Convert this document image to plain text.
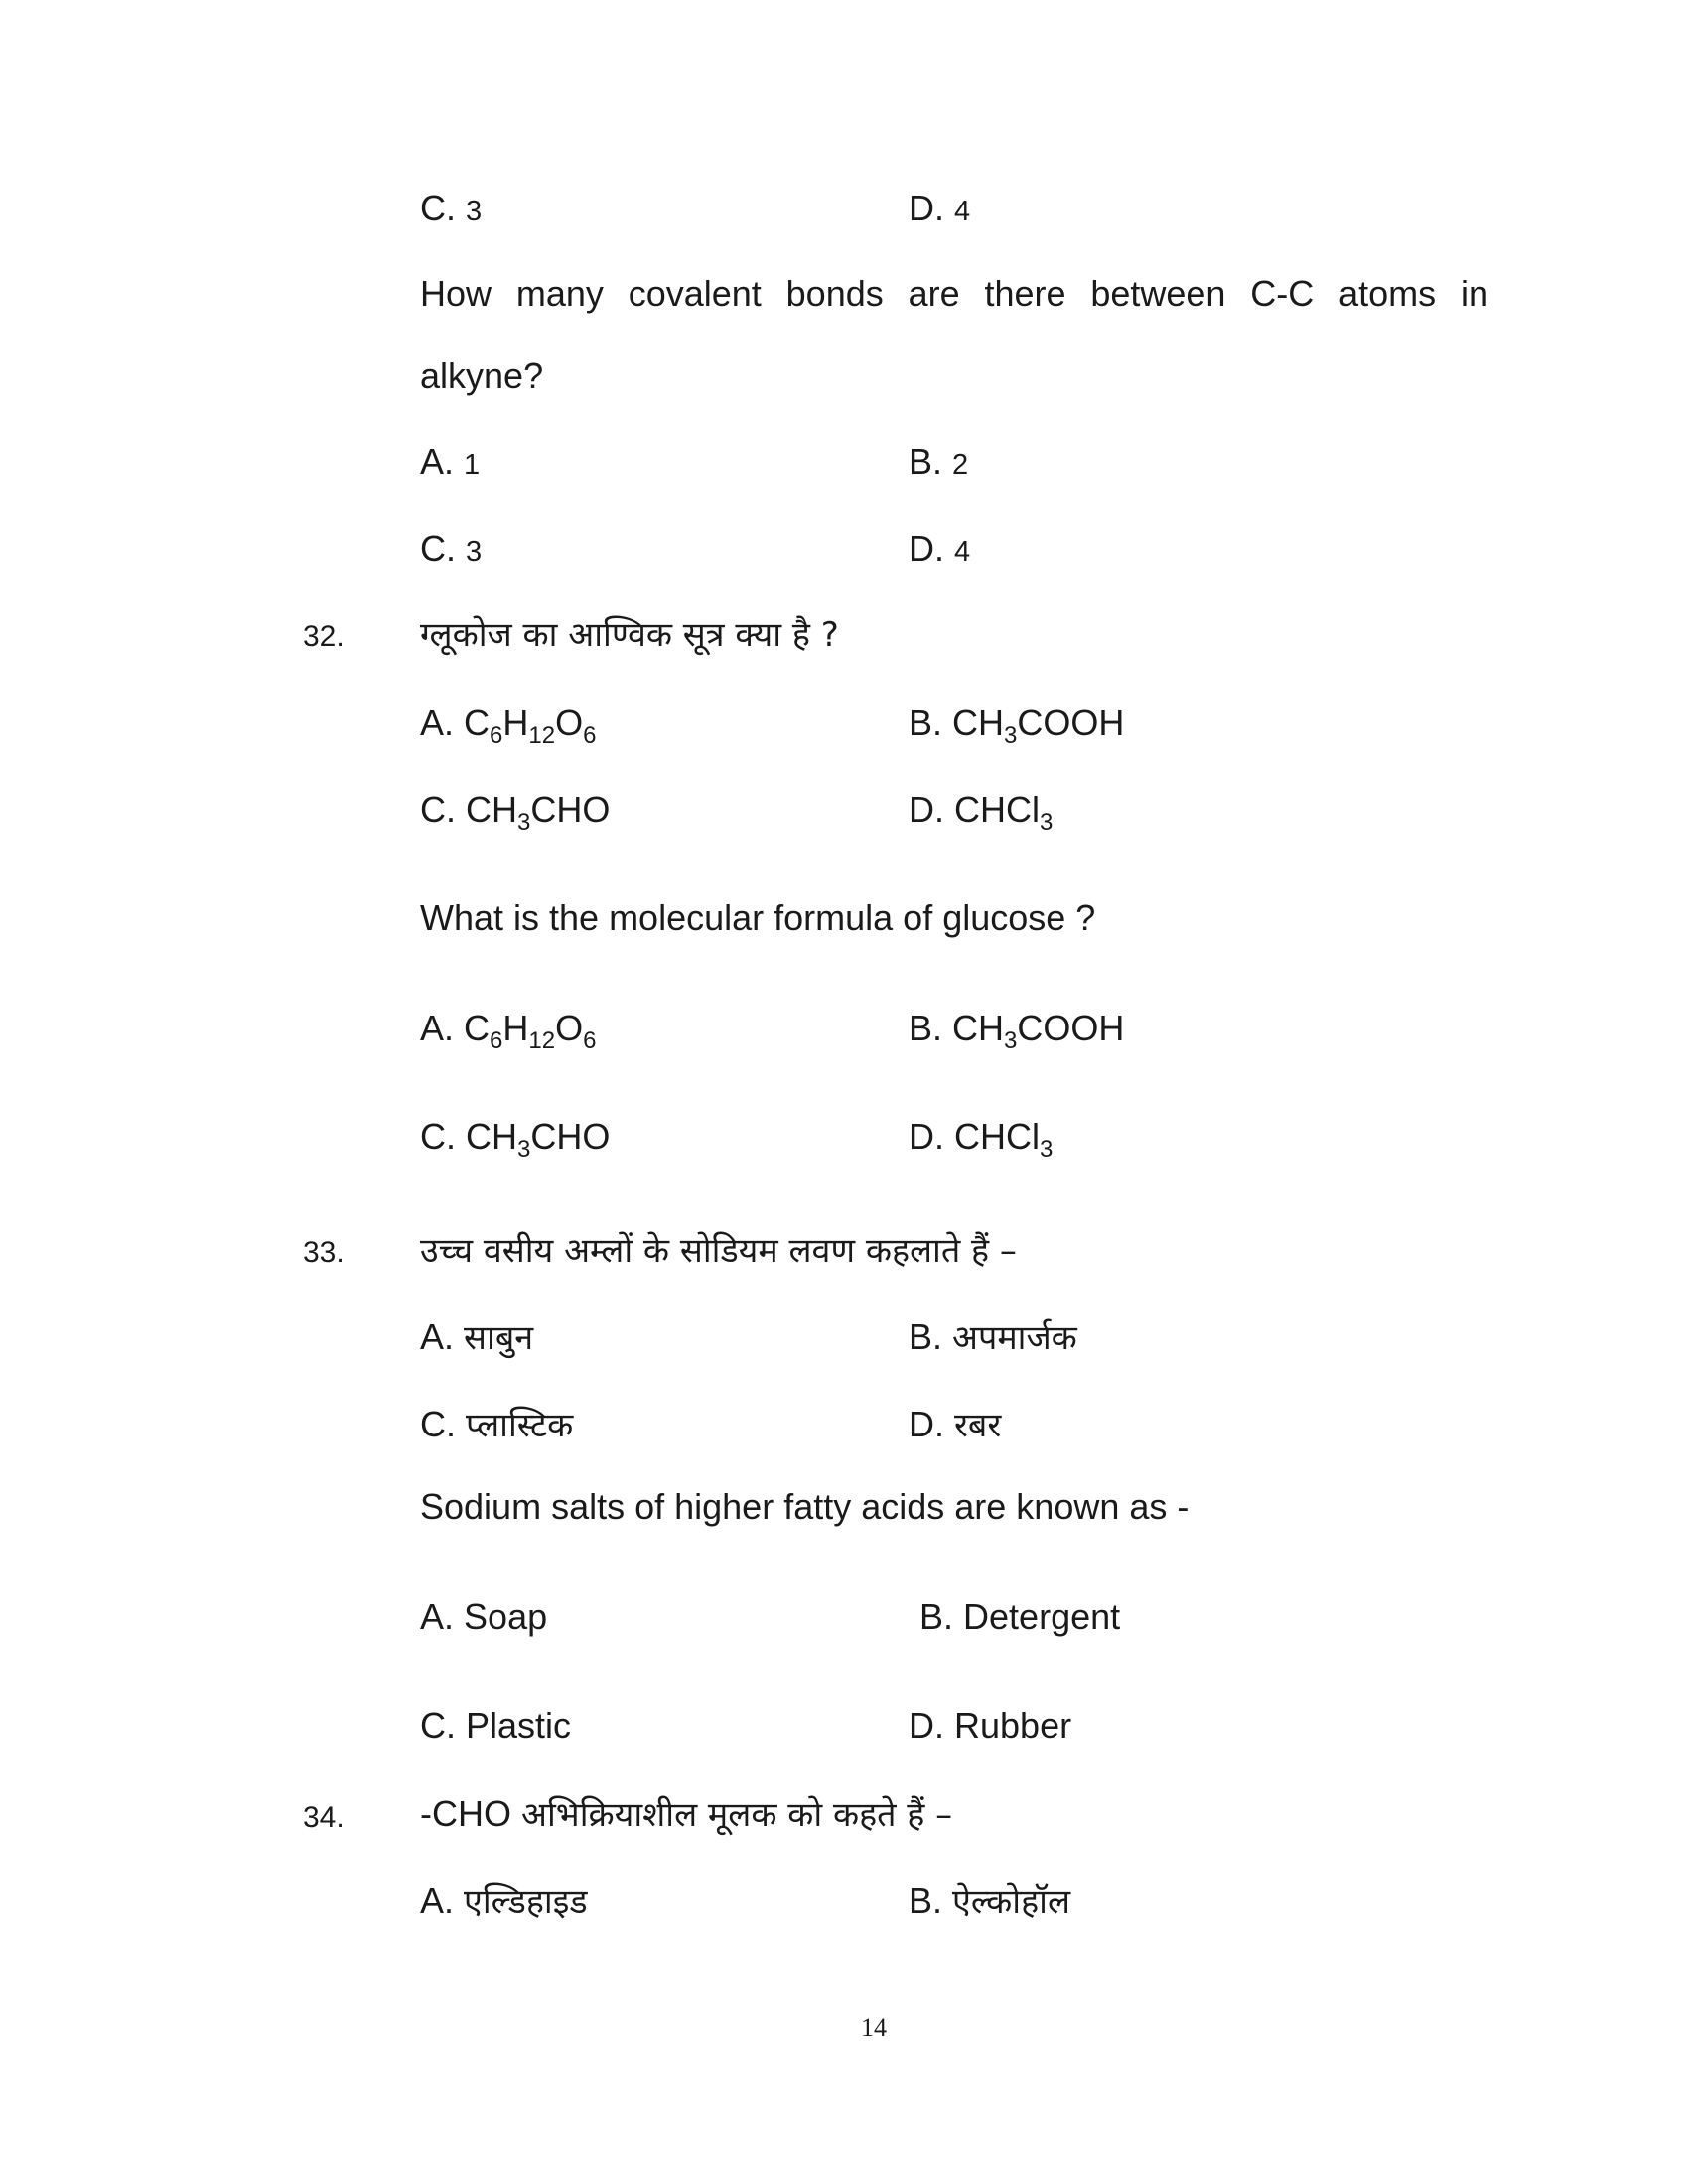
C. 3	D. 4
How many covalent bonds are there between C-C atoms in
alkyne?
A. 1	B. 2
C. 3	D. 4
32. ग्लूकोज का आण्विक सूत्र क्या है ?
A. $C_6H_{12}O_6$	B. $CH_3COOH$
C. $CH_3CHO$	D. CHCl$_3$
What is the molecular formula of glucose ?
A. $C_6H_{12}O_6$	B. $CH_3COOH$
C. $CH_3CHO$	D. CHCl$_3$
33. उच्च वसीय अम्लों के सोडियम लवण कहलाते हैं –
A. साबुन	B. अपमार्जक
C. प्लास्टिक	D. रबर
Sodium salts of higher fatty acids are known as -
A. Soap	B. Detergent
C. Plastic	D. Rubber
34. -CHO अभिक्रियाशील मूलक को कहते हैं –
A. एल्डिहाइड	B. ऐल्कोहॉल
14
